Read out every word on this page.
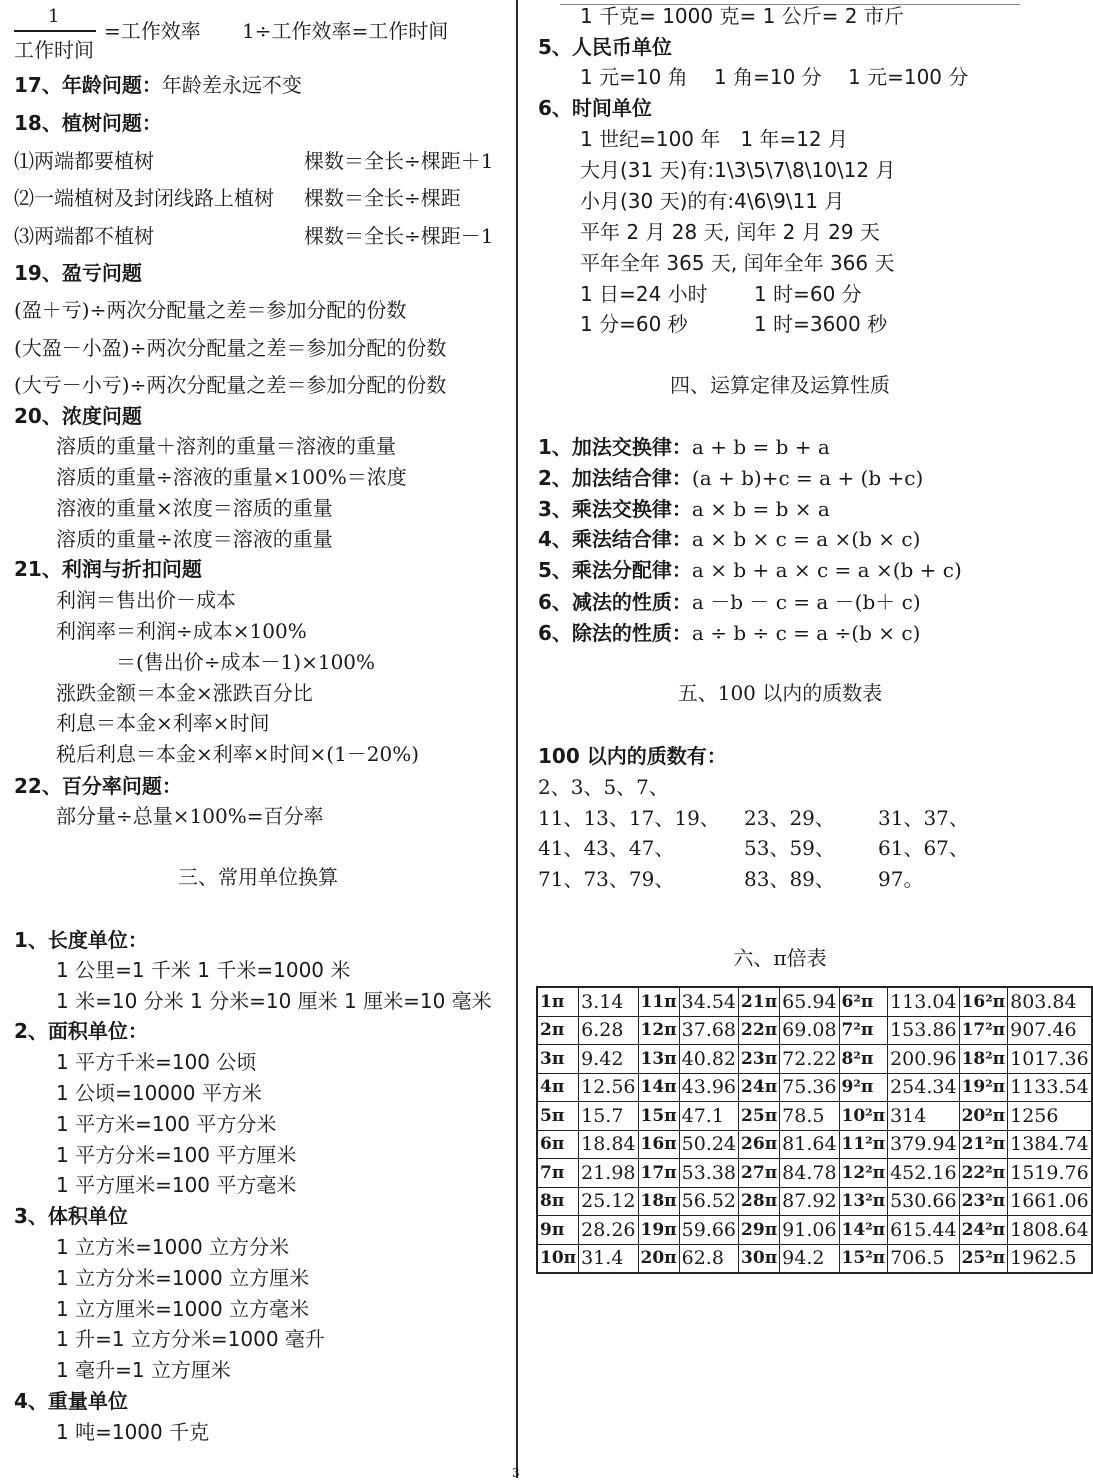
1
工作时间
=工作效率 1÷工作效率=工作时间
17、年龄问题：年龄差永远不变
18、植树问题：
⑴两端都要植树	棵数＝全长÷棵距＋1
⑵一端植树及封闭线路上植树 棵数＝全长÷棵距
⑶两端都不植树	棵数＝全长÷棵距－1
19、盈亏问题
(盈＋亏)÷两次分配量之差＝参加分配的份数
(大盈－小盈)÷两次分配量之差＝参加分配的份数
(大亏－小亏)÷两次分配量之差＝参加分配的份数
20、浓度问题
溶质的重量＋溶剂的重量＝溶液的重量
溶质的重量÷溶液的重量×100%＝浓度
溶液的重量×浓度＝溶质的重量
溶质的重量÷浓度＝溶液的重量
21、利润与折扣问题
利润＝售出价－成本
利润率＝利润÷成本×100%
＝(售出价÷成本－1)×100%
涨跌金额＝本金×涨跌百分比
利息＝本金×利率×时间
税后利息＝本金×利率×时间×(1－20%)
22、百分率问题：
部分量÷总量×100%=百分率
三、常用单位换算
1、长度单位：
1 公里=1 千米 1 千米=1000 米
1 米=10 分米 1 分米=10 厘米 1 厘米=10 毫米
2、面积单位：
1 平方千米=100 公顷
1 公顷=10000 平方米
1 平方米=100 平方分米
1 平方分米=100 平方厘米
1 平方厘米=100 平方毫米
3、体积单位
1 立方米=1000 立方分米
1 立方分米=1000 立方厘米
1 立方厘米=1000 立方毫米
1 升=1 立方分米=1000 毫升
1 毫升=1 立方厘米
4、重量单位
1 吨=1000 千克
1 千克= 1000 克= 1 公斤= 2 市斤
5、人民币单位
1 元=10 角　 1 角=10 分　 1 元=100 分
6、时间单位
1 世纪=100 年　1 年=12 月
大月(31 天)有:1\3\5\7\8\10\12 月
小月(30 天)的有:4\6\9\11 月
平年 2 月 28 天, 闰年 2 月 29 天
平年全年 365 天, 闰年全年 366 天
1 日=24 小时　　 1 时=60 分
1 分=60 秒　　　 1 时=3600 秒
四、运算定律及运算性质
1、加法交换律：a + b = b + a
2、加法结合律：(a + b)+c = a + (b +c)
3、乘法交换律：a × b = b × a
4、乘法结合律：a × b × c = a ×(b × c)
5、乘法分配律：a × b + a × c = a ×(b + c)
6、减法的性质：a －b － c = a －(b＋ c)
6、除法的性质：a ÷ b ÷ c = a ÷(b × c)
五、100 以内的质数表
100 以内的质数有：
2、3、5、7、
11、13、17、19、 23、29、 31、37、
41、43、47、	53、59、 61、67、
71、73、79、	83、89、 97。
六、π倍表
1π	3.14	11π	34.54	21π	65.94	6²π	113.04	16²π	803.84
2π	6.28	12π	37.68	22π	69.08	7²π	153.86	17²π	907.46
3π	9.42	13π	40.82	23π	72.22	8²π	200.96	18²π	1017.36
4π	12.56	14π	43.96	24π	75.36	9²π	254.34	19²π	1133.54
5π	15.7	15π	47.1	25π	78.5	10²π	314	20²π	1256
6π	18.84	16π	50.24	26π	81.64	11²π	379.94	21²π	1384.74
7π	21.98	17π	53.38	27π	84.78	12²π	452.16	22²π	1519.76
8π	25.12	18π	56.52	28π	87.92	13²π	530.66	23²π	1661.06
9π	28.26	19π	59.66	29π	91.06	14²π	615.44	24²π	1808.64
10π	31.4	20π	62.8	30π	94.2	15²π	706.5	25²π	1962.5
3
